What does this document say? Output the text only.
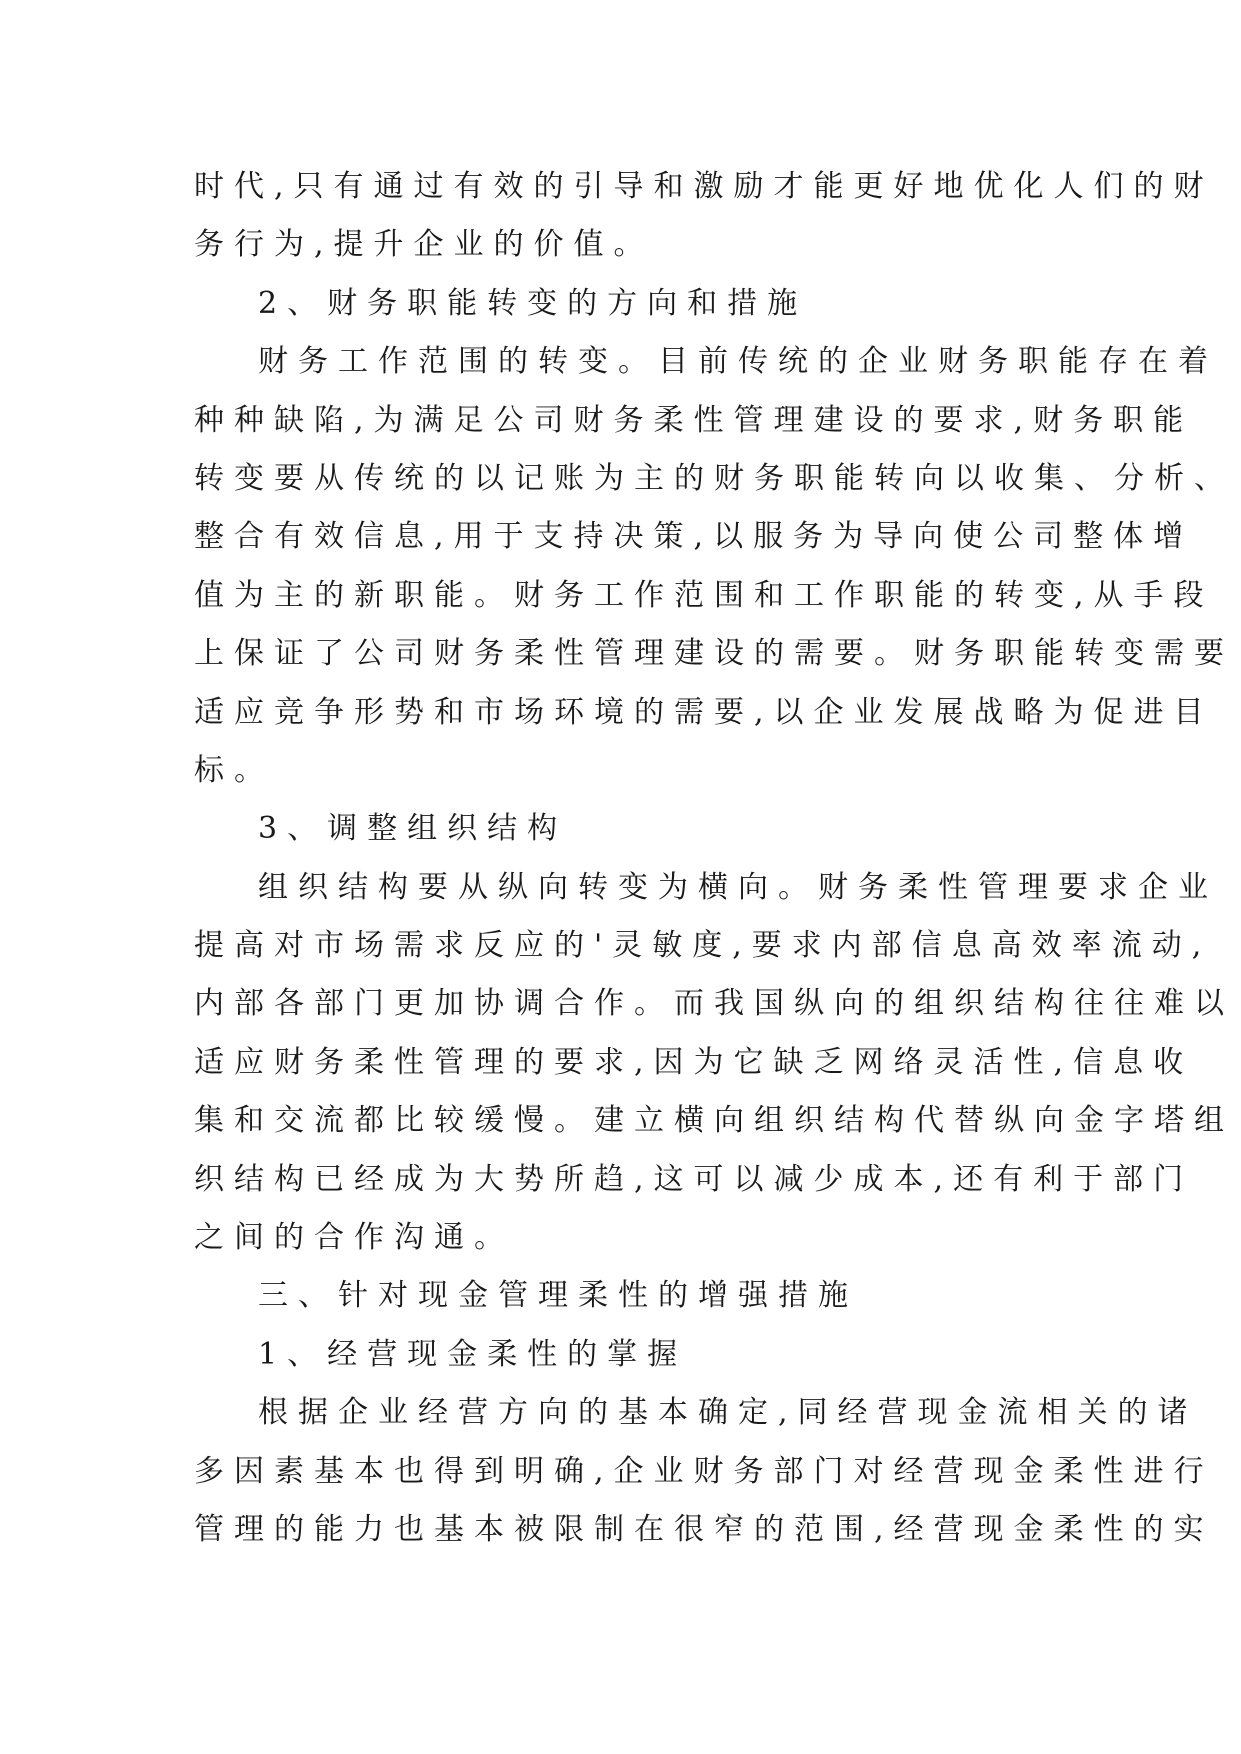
时代,只有通过有效的引导和激励才能更好地优化人们的财
务行为,提升企业的价值。
2、财务职能转变的方向和措施
财务工作范围的转变。目前传统的企业财务职能存在着
种种缺陷,为满足公司财务柔性管理建设的要求,财务职能
转变要从传统的以记账为主的财务职能转向以收集、分析、
整合有效信息,用于支持决策,以服务为导向使公司整体增
值为主的新职能。财务工作范围和工作职能的转变,从手段
上保证了公司财务柔性管理建设的需要。财务职能转变需要
适应竞争形势和市场环境的需要,以企业发展战略为促进目
标。
3、调整组织结构
组织结构要从纵向转变为横向。财务柔性管理要求企业
提高对市场需求反应的'灵敏度,要求内部信息高效率流动,
内部各部门更加协调合作。而我国纵向的组织结构往往难以
适应财务柔性管理的要求,因为它缺乏网络灵活性,信息收
集和交流都比较缓慢。建立横向组织结构代替纵向金字塔组
织结构已经成为大势所趋,这可以减少成本,还有利于部门
之间的合作沟通。
三、针对现金管理柔性的增强措施
1、经营现金柔性的掌握
根据企业经营方向的基本确定,同经营现金流相关的诸
多因素基本也得到明确,企业财务部门对经营现金柔性进行
管理的能力也基本被限制在很窄的范围,经营现金柔性的实
